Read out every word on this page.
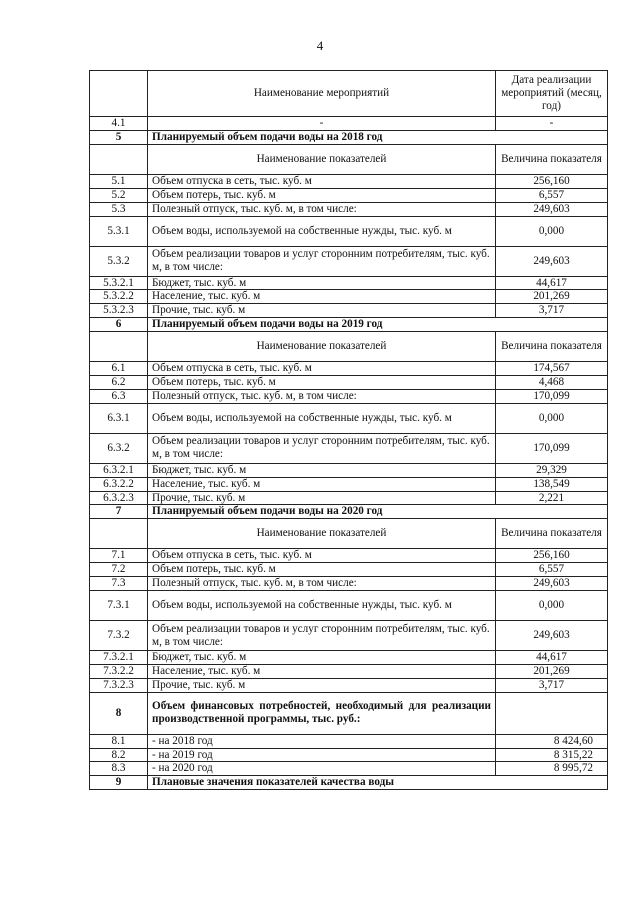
4
	Наименование мероприятий	Дата реализации мероприятий (месяц, год)
4.1	-	-
5	Планируемый объем подачи воды на 2018 год	
	Наименование показателей	Величина показателя
5.1	Объем отпуска в сеть, тыс. куб. м	256,160
5.2	Объем потерь, тыс. куб. м	6,557
5.3	Полезный отпуск, тыс. куб. м, в том числе:	249,603
5.3.1	Объем воды, используемой на собственные нужды, тыс. куб. м	0,000
5.3.2	Объем реализации товаров и услуг сторонним потребителям, тыс. куб. м, в том числе:	249,603
5.3.2.1	Бюджет, тыс. куб. м	44,617
5.3.2.2	Население, тыс. куб. м	201,269
5.3.2.3	Прочие, тыс. куб. м	3,717
6	Планируемый объем подачи воды на 2019 год	
	Наименование показателей	Величина показателя
6.1	Объем отпуска в сеть, тыс. куб. м	174,567
6.2	Объем потерь, тыс. куб. м	4,468
6.3	Полезный отпуск, тыс. куб. м, в том числе:	170,099
6.3.1	Объем воды, используемой на собственные нужды, тыс. куб. м	0,000
6.3.2	Объем реализации товаров и услуг сторонним потребителям, тыс. куб. м, в том числе:	170,099
6.3.2.1	Бюджет, тыс. куб. м	29,329
6.3.2.2	Население, тыс. куб. м	138,549
6.3.2.3	Прочие, тыс. куб. м	2,221
7	Планируемый объем подачи воды на 2020 год	
	Наименование показателей	Величина показателя
7.1	Объем отпуска в сеть, тыс. куб. м	256,160
7.2	Объем потерь, тыс. куб. м	6,557
7.3	Полезный отпуск, тыс. куб. м, в том числе:	249,603
7.3.1	Объем воды, используемой на собственные нужды, тыс. куб. м	0,000
7.3.2	Объем реализации товаров и услуг сторонним потребителям, тыс. куб. м, в том числе:	249,603
7.3.2.1	Бюджет, тыс. куб. м	44,617
7.3.2.2	Население, тыс. куб. м	201,269
7.3.2.3	Прочие, тыс. куб. м	3,717
8	Объем финансовых потребностей, необходимый для реализации производственной программы, тыс. руб.:	
8.1	- на 2018 год	8 424,60
8.2	- на 2019 год	8 315,22
8.3	- на 2020 год	8 995,72
9	Плановые значения показателей качества воды	
